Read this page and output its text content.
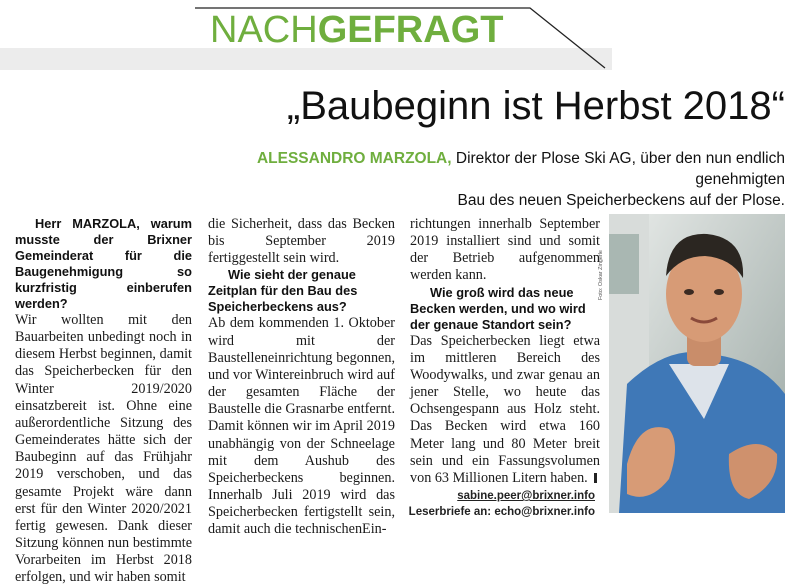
NACHGEFRAGT
„Baubeginn ist Herbst 2018“
ALESSANDRO MARZOLA, Direktor der Plose Ski AG, über den nun endlich genehmigten
Bau des neuen Speicherbeckens auf der Plose.

Herr MARZOLA, warum musste der Brixner Gemeinderat für die Baugenehmigung so kurzfristig einberufen werden?

Wir wollten mit den Bauarbeiten unbedingt noch in diesem Herbst beginnen, damit das Speicherbecken für den Winter 2019/2020 einsatzbereit ist. Ohne eine außerordentliche Sitzung des Gemeinderates hätte sich der Baubeginn auf das Frühjahr 2019 verschoben, und das gesamte Projekt wäre dann erst für den Winter 2020/2021 fertig gewesen. Dank dieser Sitzung können nun bestimmte Vorarbeiten im Herbst 2018 erfolgen, und wir haben somit

die Sicherheit, dass das Becken bis September 2019 fertiggestellt sein wird.

Wie sieht der genaue Zeitplan für den Bau des Speicherbeckens aus?

Ab dem kommenden 1. Oktober wird mit der Baustelleneinrichtung begonnen, und vor Wintereinbruch wird auf der gesamten Fläche der Baustelle die Grasnarbe entfernt. Damit können wir im April 2019 unabhängig von der Schneelage mit dem Aushub des Speicherbeckens beginnen. Innerhalb Juli 2019 wird das Speicherbecken fertigstellt sein, damit auch die technischenEin-

richtungen innerhalb September 2019 installiert sind und somit der Betrieb aufgenommen werden kann.

Wie groß wird das neue Becken werden, und wo wird der genaue Standort sein?

Das Speicherbecken liegt etwa im mittleren Bereich des Woodywalks, und zwar genau an jener Stelle, wo heute das Ochsengespann aus Holz steht. Das Becken wird etwa 160 Meter lang und 80 Meter breit sein und ein Fassungsvolumen von 63 Millionen Litern haben.

sabine.peer@brixner.info
Leserbriefe an: echo@brixner.info
Foto: Oskar Zingerle
